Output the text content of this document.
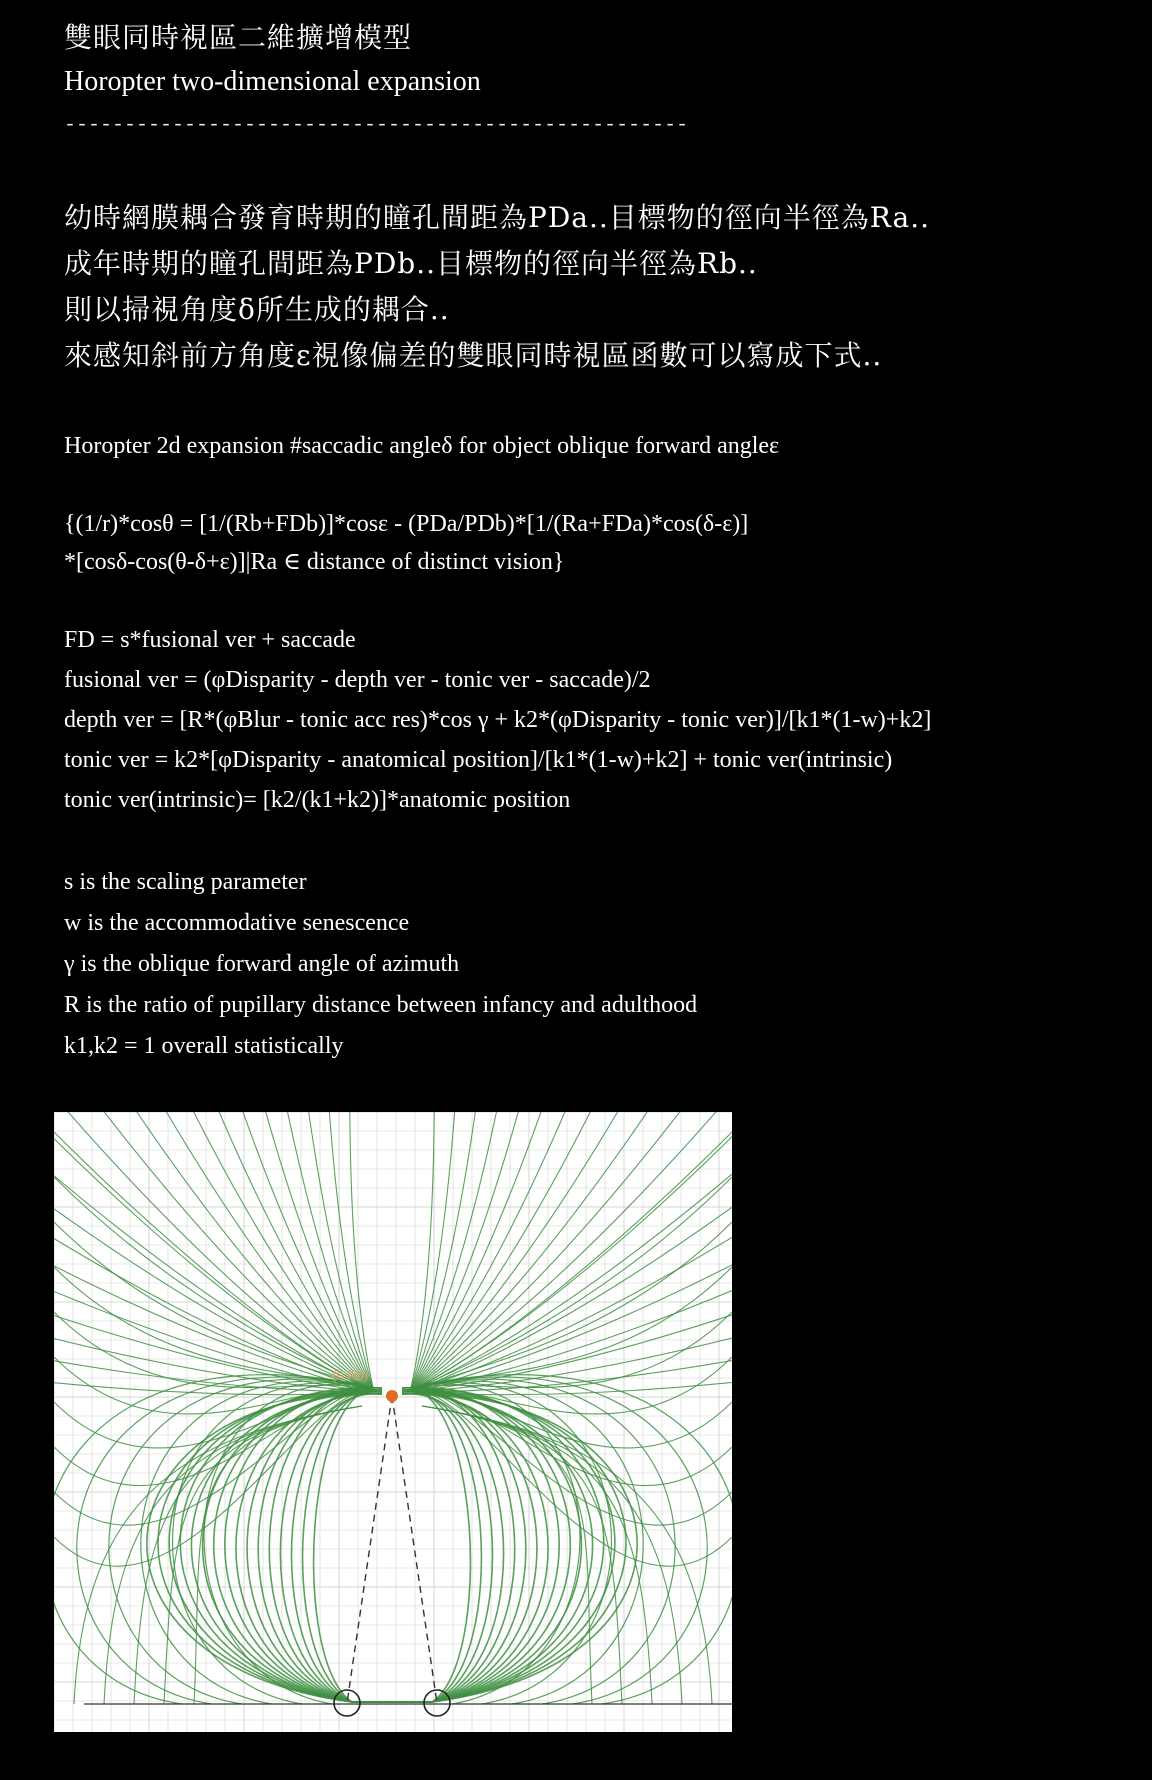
雙眼同時視區二維擴增模型
Horopter two-dimensional expansion
----------------------------------------------------
幼時網膜耦合發育時期的瞳孔間距為PDa..目標物的徑向半徑為Ra..
成年時期的瞳孔間距為PDb..目標物的徑向半徑為Rb..
則以掃視角度δ所生成的耦合..
來感知斜前方角度ε視像偏差的雙眼同時視區函數可以寫成下式..
Horopter 2d expansion #saccadic angleδ for object oblique forward angleε
{(1/r)*cosθ = [1/(Rb+FDb)]*cosε - (PDa/PDb)*[1/(Ra+FDa)*cos(δ-ε)]
*[cosδ-cos(θ-δ+ε)]|Ra ∈ distance of distinct vision}
FD = s*fusional ver + saccade
fusional ver = (φDisparity - depth ver - tonic ver - saccade)/2
depth ver = [R*(φBlur - tonic acc res)*cos γ + k2*(φDisparity - tonic ver)]/[k1*(1-w)+k2]
tonic ver = k2*[φDisparity - anatomical position]/[k1*(1-w)+k2] + tonic ver(intrinsic)
tonic ver(intrinsic)= [k2/(k1+k2)]*anatomic position
s is the scaling parameter
w is the accommodative senescence
γ is the oblique forward angle of azimuth
R is the ratio of pupillary distance between infancy and adulthood
k1,k2 = 1 overall statistically
(0,Rb)
